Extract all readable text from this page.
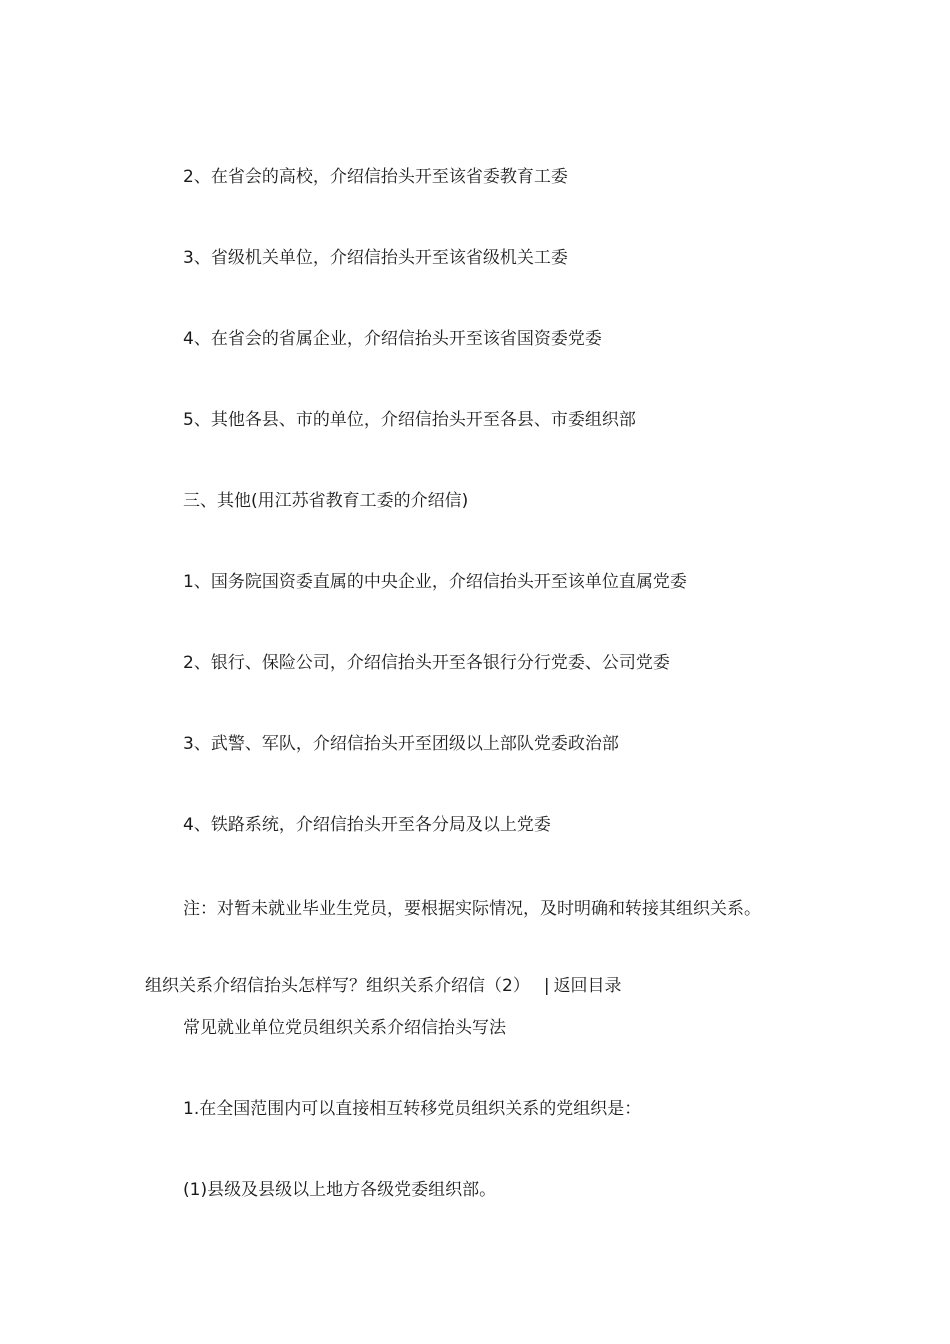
2、在省会的高校，介绍信抬头开至该省委教育工委
3、省级机关单位，介绍信抬头开至该省级机关工委
4、在省会的省属企业，介绍信抬头开至该省国资委党委
5、其他各县、市的单位，介绍信抬头开至各县、市委组织部
三、其他(用江苏省教育工委的介绍信)
1、国务院国资委直属的中央企业，介绍信抬头开至该单位直属党委
2、银行、保险公司，介绍信抬头开至各银行分行党委、公司党委
3、武警、军队，介绍信抬头开至团级以上部队党委政治部
4、铁路系统，介绍信抬头开至各分局及以上党委
注：对暂未就业毕业生党员，要根据实际情况，及时明确和转接其组织关系。
组织关系介绍信抬头怎样写？组织关系介绍信（2） | 返回目录
常见就业单位党员组织关系介绍信抬头写法
1.在全国范围内可以直接相互转移党员组织关系的党组织是：
(1)县级及县级以上地方各级党委组织部。
